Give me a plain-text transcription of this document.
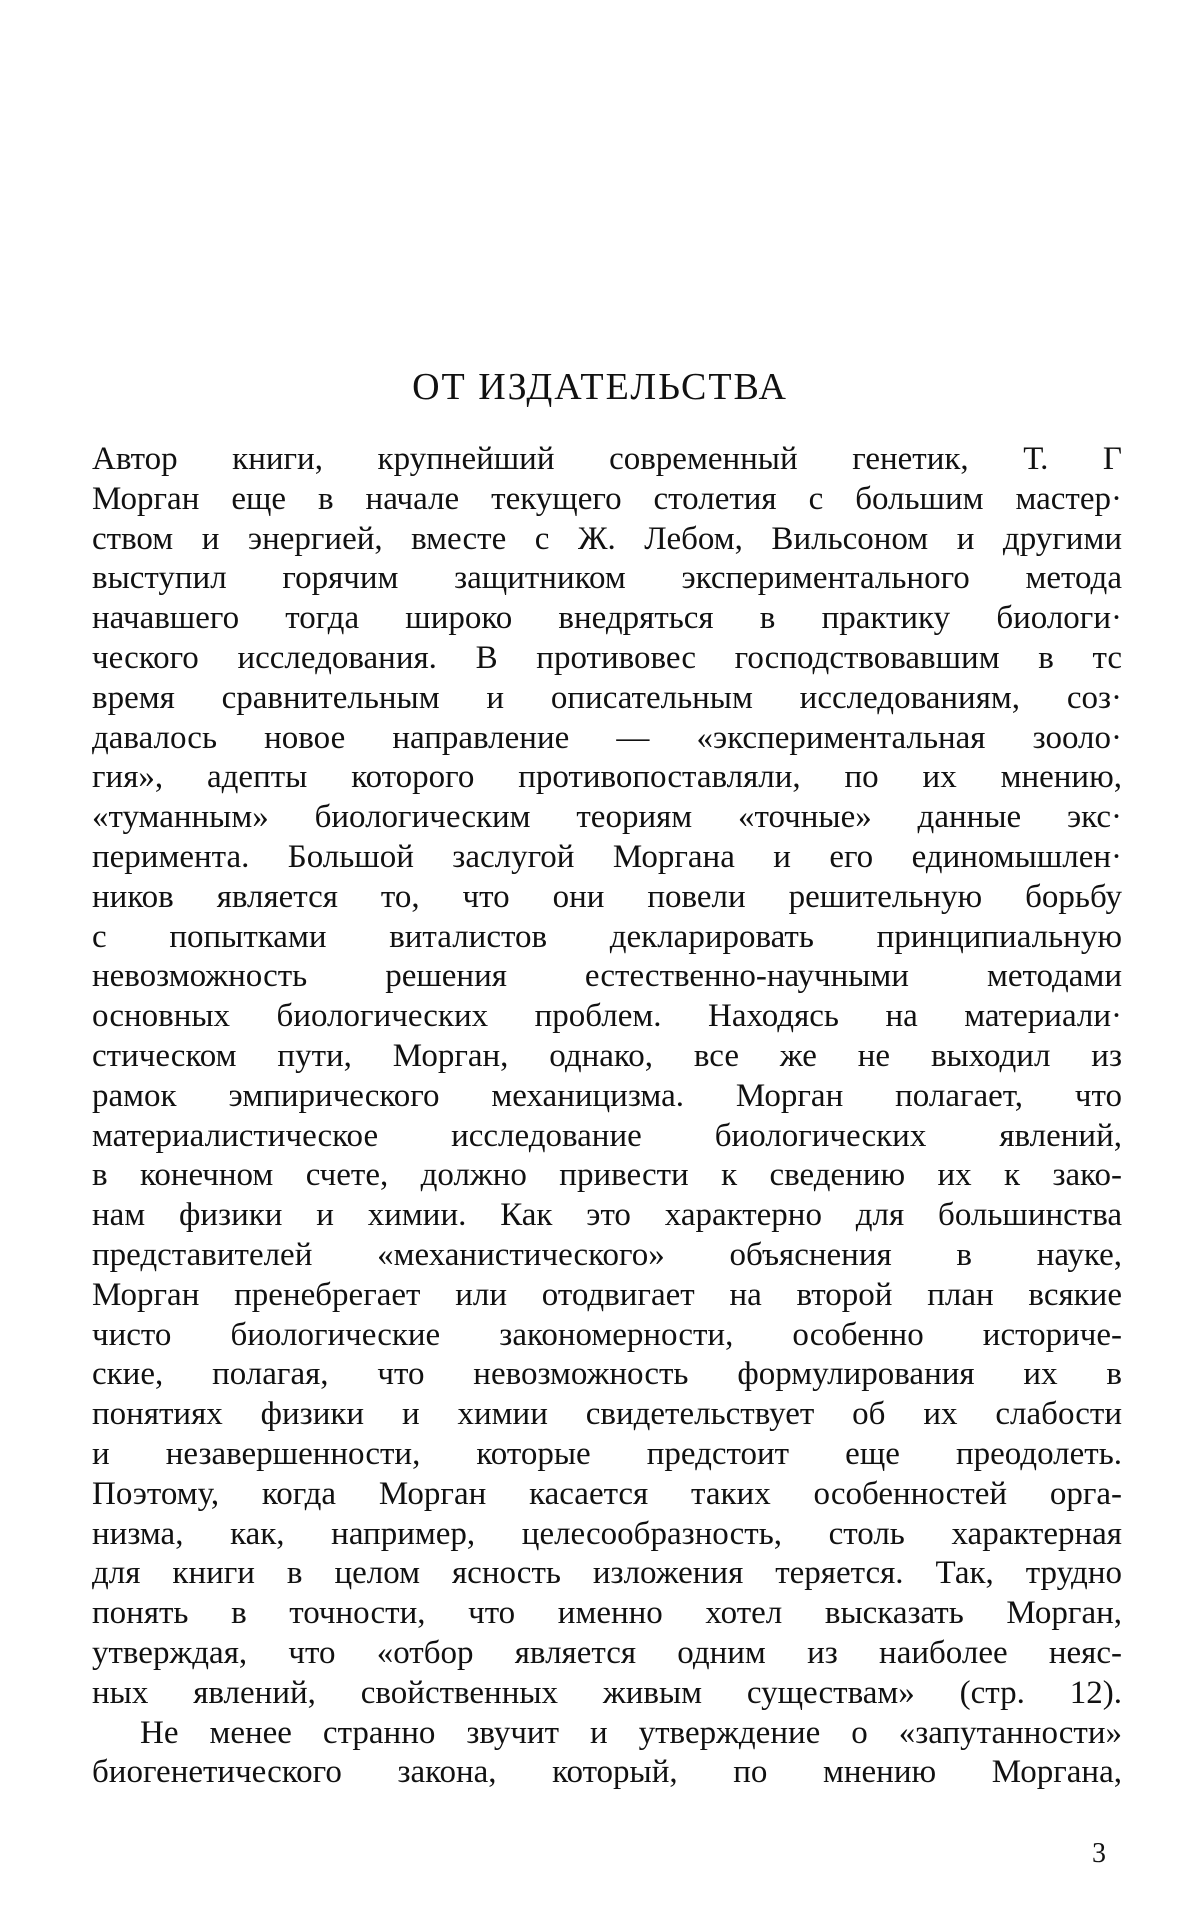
ОТ ИЗДАТЕЛЬСТВА
Автор книги, крупнейший современный генетик, Т. Г
Морган еще в начале текущего столетия с большим мастер·
ством и энергией, вместе с Ж. Лебом, Вильсоном и другими
выступил горячим защитником экспериментального метода
начавшего тогда широко внедряться в практику биологи·
ческого исследования. В противовес господствовавшим в тс
время сравнительным и описательным исследованиям, соз·
давалось новое направление — «экспериментальная зооло·
гия», адепты которого противопоставляли, по их мнению,
«туманным» биологическим теориям «точные» данные экс·
перимента. Большой заслугой Моргана и его единомышлен·
ников является то, что они повели решительную борьбу
с попытками виталистов декларировать принципиальную
невозможность решения естественно-научными методами
основных биологических проблем. Находясь на материали·
стическом пути, Морган, однако, все же не выходил из
рамок эмпирического механицизма. Морган полагает, что
материалистическое исследование биологических явлений,
в конечном счете, должно привести к сведению их к зако-
нам физики и химии. Как это характерно для большинства
представителей «механистического» объяснения в науке,
Морган пренебрегает или отодвигает на второй план всякие
чисто биологические закономерности, особенно историче-
ские, полагая, что невозможность формулирования их в
понятиях физики и химии свидетельствует об их слабости
и незавершенности, которые предстоит еще преодолеть.
Поэтому, когда Морган касается таких особенностей орга-
низма, как, например, целесообразность, столь характерная
для книги в целом ясность изложения теряется. Так, трудно
понять в точности, что именно хотел высказать Морган,
утверждая, что «отбор является одним из наиболее неяс-
ных явлений, свойственных живым существам» (стр. 12).
Не менее странно звучит и утверждение о «запутанности»
биогенетического закона, который, по мнению Моргана,
3
